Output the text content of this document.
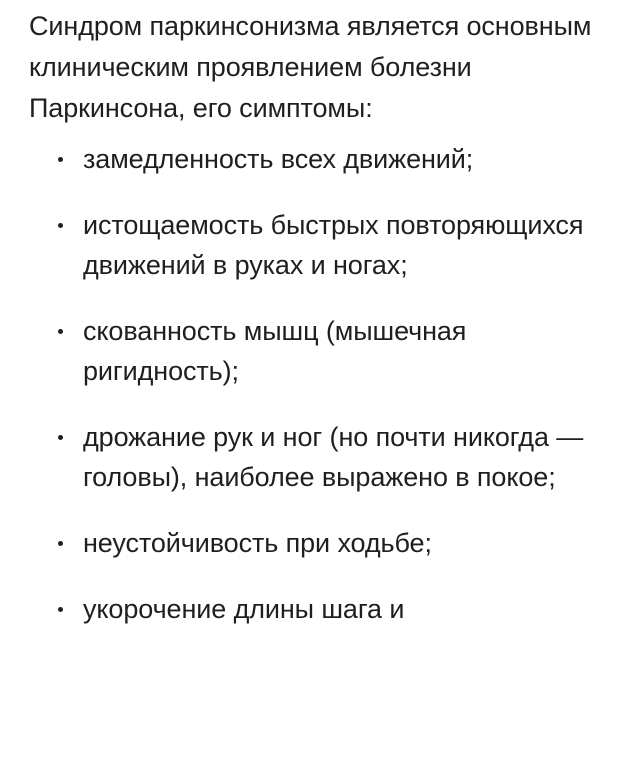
Синдром паркинсонизма является основным клиническим проявлением болезни Паркинсона, его симптомы:

замедленность всех движений;
истощаемость быстрых повторяющихся движений в руках и ногах;
скованность мышц (мышечная ригидность);
дрожание рук и ног (но почти никогда — головы), наиболее выражено в покое;
неустойчивость при ходьбе;
укорочение длины шага и
